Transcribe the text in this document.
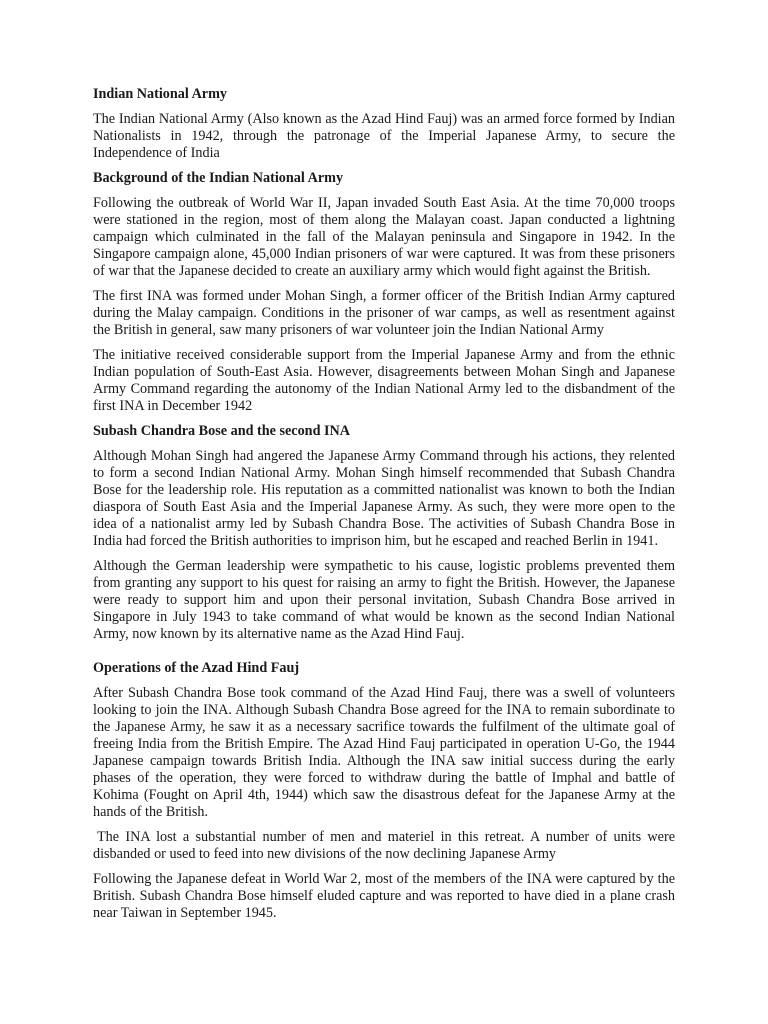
Indian National Army

The Indian National Army (Also known as the Azad Hind Fauj) was an armed force formed by Indian Nationalists in 1942, through the patronage of the Imperial Japanese Army, to secure the Independence of India

Background of the Indian National Army

Following the outbreak of World War II, Japan invaded South East Asia. At the time 70,000 troops were stationed in the region, most of them along the Malayan coast. Japan conducted a lightning campaign which culminated in the fall of the Malayan peninsula and Singapore in 1942. In the Singapore campaign alone, 45,000 Indian prisoners of war were captured. It was from these prisoners of war that the Japanese decided to create an auxiliary army which would fight against the British.

The first INA was formed under Mohan Singh, a former officer of the British Indian Army captured during the Malay campaign. Conditions in the prisoner of war camps, as well as resentment against the British in general, saw many prisoners of war volunteer join the Indian National Army

The initiative received considerable support from the Imperial Japanese Army and from the ethnic Indian population of South-East Asia. However, disagreements between Mohan Singh and Japanese Army Command regarding the autonomy of the Indian National Army led to the disbandment of the first INA in December 1942

Subash Chandra Bose and the second INA

Although Mohan Singh had angered the Japanese Army Command through his actions, they relented to form a second Indian National Army. Mohan Singh himself recommended that Subash Chandra Bose for the leadership role. His reputation as a committed nationalist was known to both the Indian diaspora of South East Asia and the Imperial Japanese Army. As such, they were more open to the idea of a nationalist army led by Subash Chandra Bose. The activities of Subash Chandra Bose in India had forced the British authorities to imprison him, but he escaped and reached Berlin in 1941.

Although the German leadership were sympathetic to his cause, logistic problems prevented them from granting any support to his quest for raising an army to fight the British. However, the Japanese were ready to support him and upon their personal invitation, Subash Chandra Bose arrived in Singapore in July 1943 to take command of what would be known as the second Indian National Army, now known by its alternative name as the Azad Hind Fauj.

Operations of the Azad Hind Fauj

After Subash Chandra Bose took command of the Azad Hind Fauj, there was a swell of volunteers looking to join the INA. Although Subash Chandra Bose agreed for the INA to remain subordinate to the Japanese Army, he saw it as a necessary sacrifice towards the fulfilment of the ultimate goal of freeing India from the British Empire. The Azad Hind Fauj participated in operation U-Go, the 1944 Japanese campaign towards British India. Although the INA saw initial success during the early phases of the operation, they were forced to withdraw during the battle of Imphal and battle of Kohima (Fought on April 4th, 1944) which saw the disastrous defeat for the Japanese Army at the hands of the British.

The INA lost a substantial number of men and materiel in this retreat. A number of units were disbanded or used to feed into new divisions of the now declining Japanese Army

Following the Japanese defeat in World War 2, most of the members of the INA were captured by the British. Subash Chandra Bose himself eluded capture and was reported to have died in a plane crash near Taiwan in September 1945.
